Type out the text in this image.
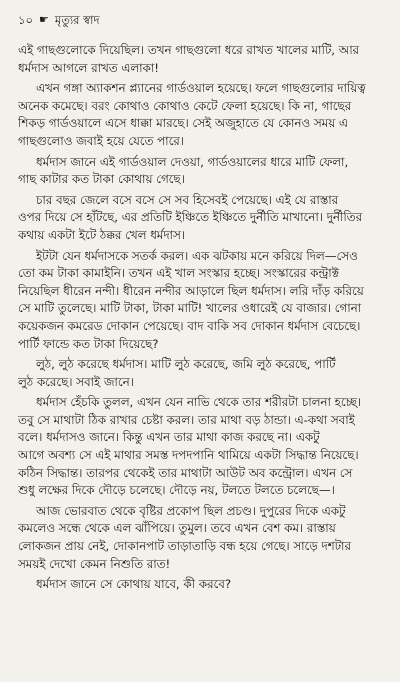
১০ ☛ মৃত্যুর স্বাদ
এই গাছগুলোকে দিয়েছিল। তখন গাছগুলো ধরে রাখত খালের মাটি, আর
ধর্মদাস আগলে রাখত এলাকা!
এখন গঙ্গা অ্যাকশন প্ল্যানের গার্ডওয়াল হয়েছে। ফলে গাছগুলোর দায়িত্ব
অনেক কমেছে। বরং কোথাও কোথাও কেটে ফেলা হয়েছে। কি না, গাছের
শিকড় গার্ডওয়ালে এসে ধাক্কা মারছে। সেই অজুহাতে যে কোনও সময় এ
গাছগুলোও জবাই হয়ে যেতে পারে।
ধর্মদাস জানে এই গার্ডওয়াল দেওয়া, গার্ডওয়ালের ধারে মাটি ফেলা,
গাছ কাটার কত টাকা কোথায় গেছে।
চার বছর জেলে বসে বসে সে সব হিসেবই পেয়েছে। এই যে রাস্তার
ওপর দিয়ে সে হাঁটছে, এর প্রতিটি ইঞ্চিতে ইঞ্চিতে দুর্নীতি মাখানো। দুর্নীতির
কথায় একটা ইটে ঠক্কর খেল ধর্মদাস।
ইটটা যেন ধর্মদাসকে সতর্ক করল। এক ঝটকায় মনে করিয়ে দিল—সেও
তো কম টাকা কামাইনি। তখন এই খাল সংস্কার হচ্ছে। সংস্কারের কন্ট্রাক্ট
নিয়েছিল ধীরেন নন্দী। ধীরেন নন্দীর আড়ালে ছিল ধর্মদাস। লরি দাঁড় করিয়ে
সে মাটি তুলেছে। মাটি টাকা, টাকা মাটি! খালের ওধারেই যে বাজার। গোনা
কয়েকজন কমরেড দোকান পেয়েছে। বাদ বাকি সব দোকান ধর্মদাস বেচেছে।
পার্টি ফান্ডে কত টাকা দিয়েছে?
লুঠ, লুঠ করেছে ধর্মদাস। মাটি লুঠ করেছে, জমি লুঠ করেছে, পার্টি
লুঠ করেছে। সবাই জানে।
ধর্মদাস হেঁচকি তুলল, এখন যেন নাভি থেকে তার শরীরটা চালনা হচ্ছে।
তবু সে মাথাটা ঠিক রাখার চেষ্টা করল। তার মাথা বড় ঠান্ডা। এ-কথা সবাই
বলে। ধর্মদাসও জানে। কিন্তু এখন তার মাথা কাজ করছে না। একটু
আগে অবশ্য সে এই মাথার সমস্ত দপদপানি থামিয়ে একটা সিদ্ধান্ত নিয়েছে।
কঠিন সিদ্ধান্ত। তারপর থেকেই তার মাথাটা আউট অব কন্ট্রোল। এখন সে
শুধু লক্ষের দিকে দৌড়ে চলেছে। দৌড়ে নয়, টলতে টলতে চলেছে—।
আজ ভোরবাত থেকে বৃষ্টির প্রকোপ ছিল প্রচণ্ড। দুপুরের দিকে একটু
কমলেও সন্ধে থেকে এল ঝাঁপিয়ে। তুমুল। তবে এখন বেশ কম। রাস্তায়
লোকজন প্রায় নেই, দোকানপাট তাড়াতাড়ি বন্ধ হয়ে গেছে। সাড়ে দশটার
সময়ই দেখো কেমন নিশুতি রাত!
ধর্মদাস জানে সে কোথায় যাবে, কী করবে?
